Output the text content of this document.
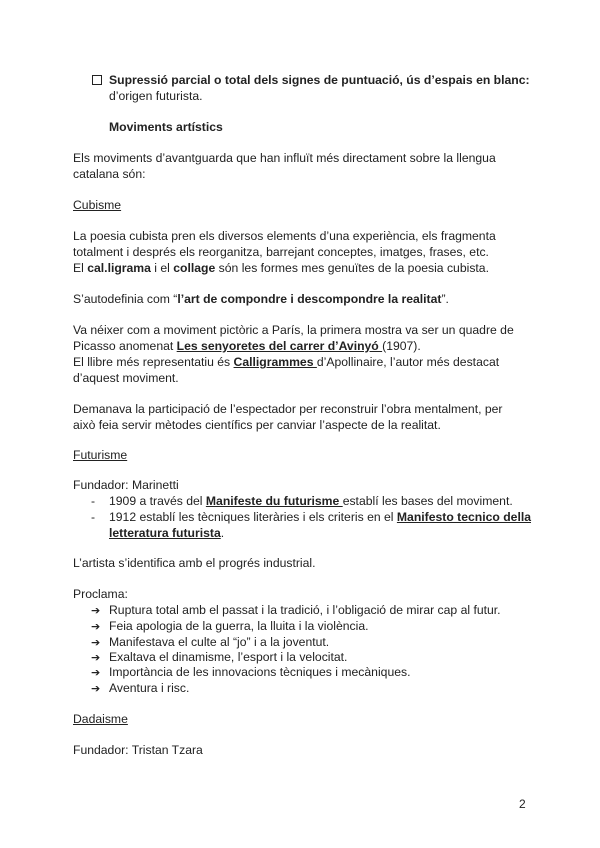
Supressió parcial o total dels signes de puntuació, ús d’espais en blanc:
d’origen futurista.
Moviments artístics
Els moviments d’avantguarda que han influït més directament sobre la llengua
catalana són:
Cubisme
La poesia cubista pren els diversos elements d’una experiència, els fragmenta
totalment i després els reorganitza, barrejant conceptes, imatges, frases, etc.
El cal.ligrama i el collage són les formes mes genuïtes de la poesia cubista.
S’autodefinia com “l’art de compondre i descompondre la realitat”.
Va néixer com a moviment pictòric a París, la primera mostra va ser un quadre de
Picasso anomenat Les senyoretes del carrer d’Avinyó (1907).
El llibre més representatiu és Calligrammes d’Apollinaire, l’autor més destacat
d’aquest moviment.
Demanava la participació de l’espectador per reconstruir l’obra mentalment, per
això feia servir mètodes científics per canviar l’aspecte de la realitat.
Futurisme
Fundador: Marinetti
- 1909 a través del Manifeste du futurisme establí les bases del moviment.
- 1912 establí les tècniques literàries i els criteris en el Manifesto tecnico della
letteratura futurista.
L’artista s’identifica amb el progrés industrial.
Proclama:
➔ Ruptura total amb el passat i la tradició, i l’obligació de mirar cap al futur.
➔ Feia apologia de la guerra, la lluita i la violència.
➔ Manifestava el culte al “jo” i a la joventut.
➔ Exaltava el dinamisme, l’esport i la velocitat.
➔ Importància de les innovacions tècniques i mecàniques.
➔ Aventura i risc.
Dadaisme
Fundador: Tristan Tzara
2
